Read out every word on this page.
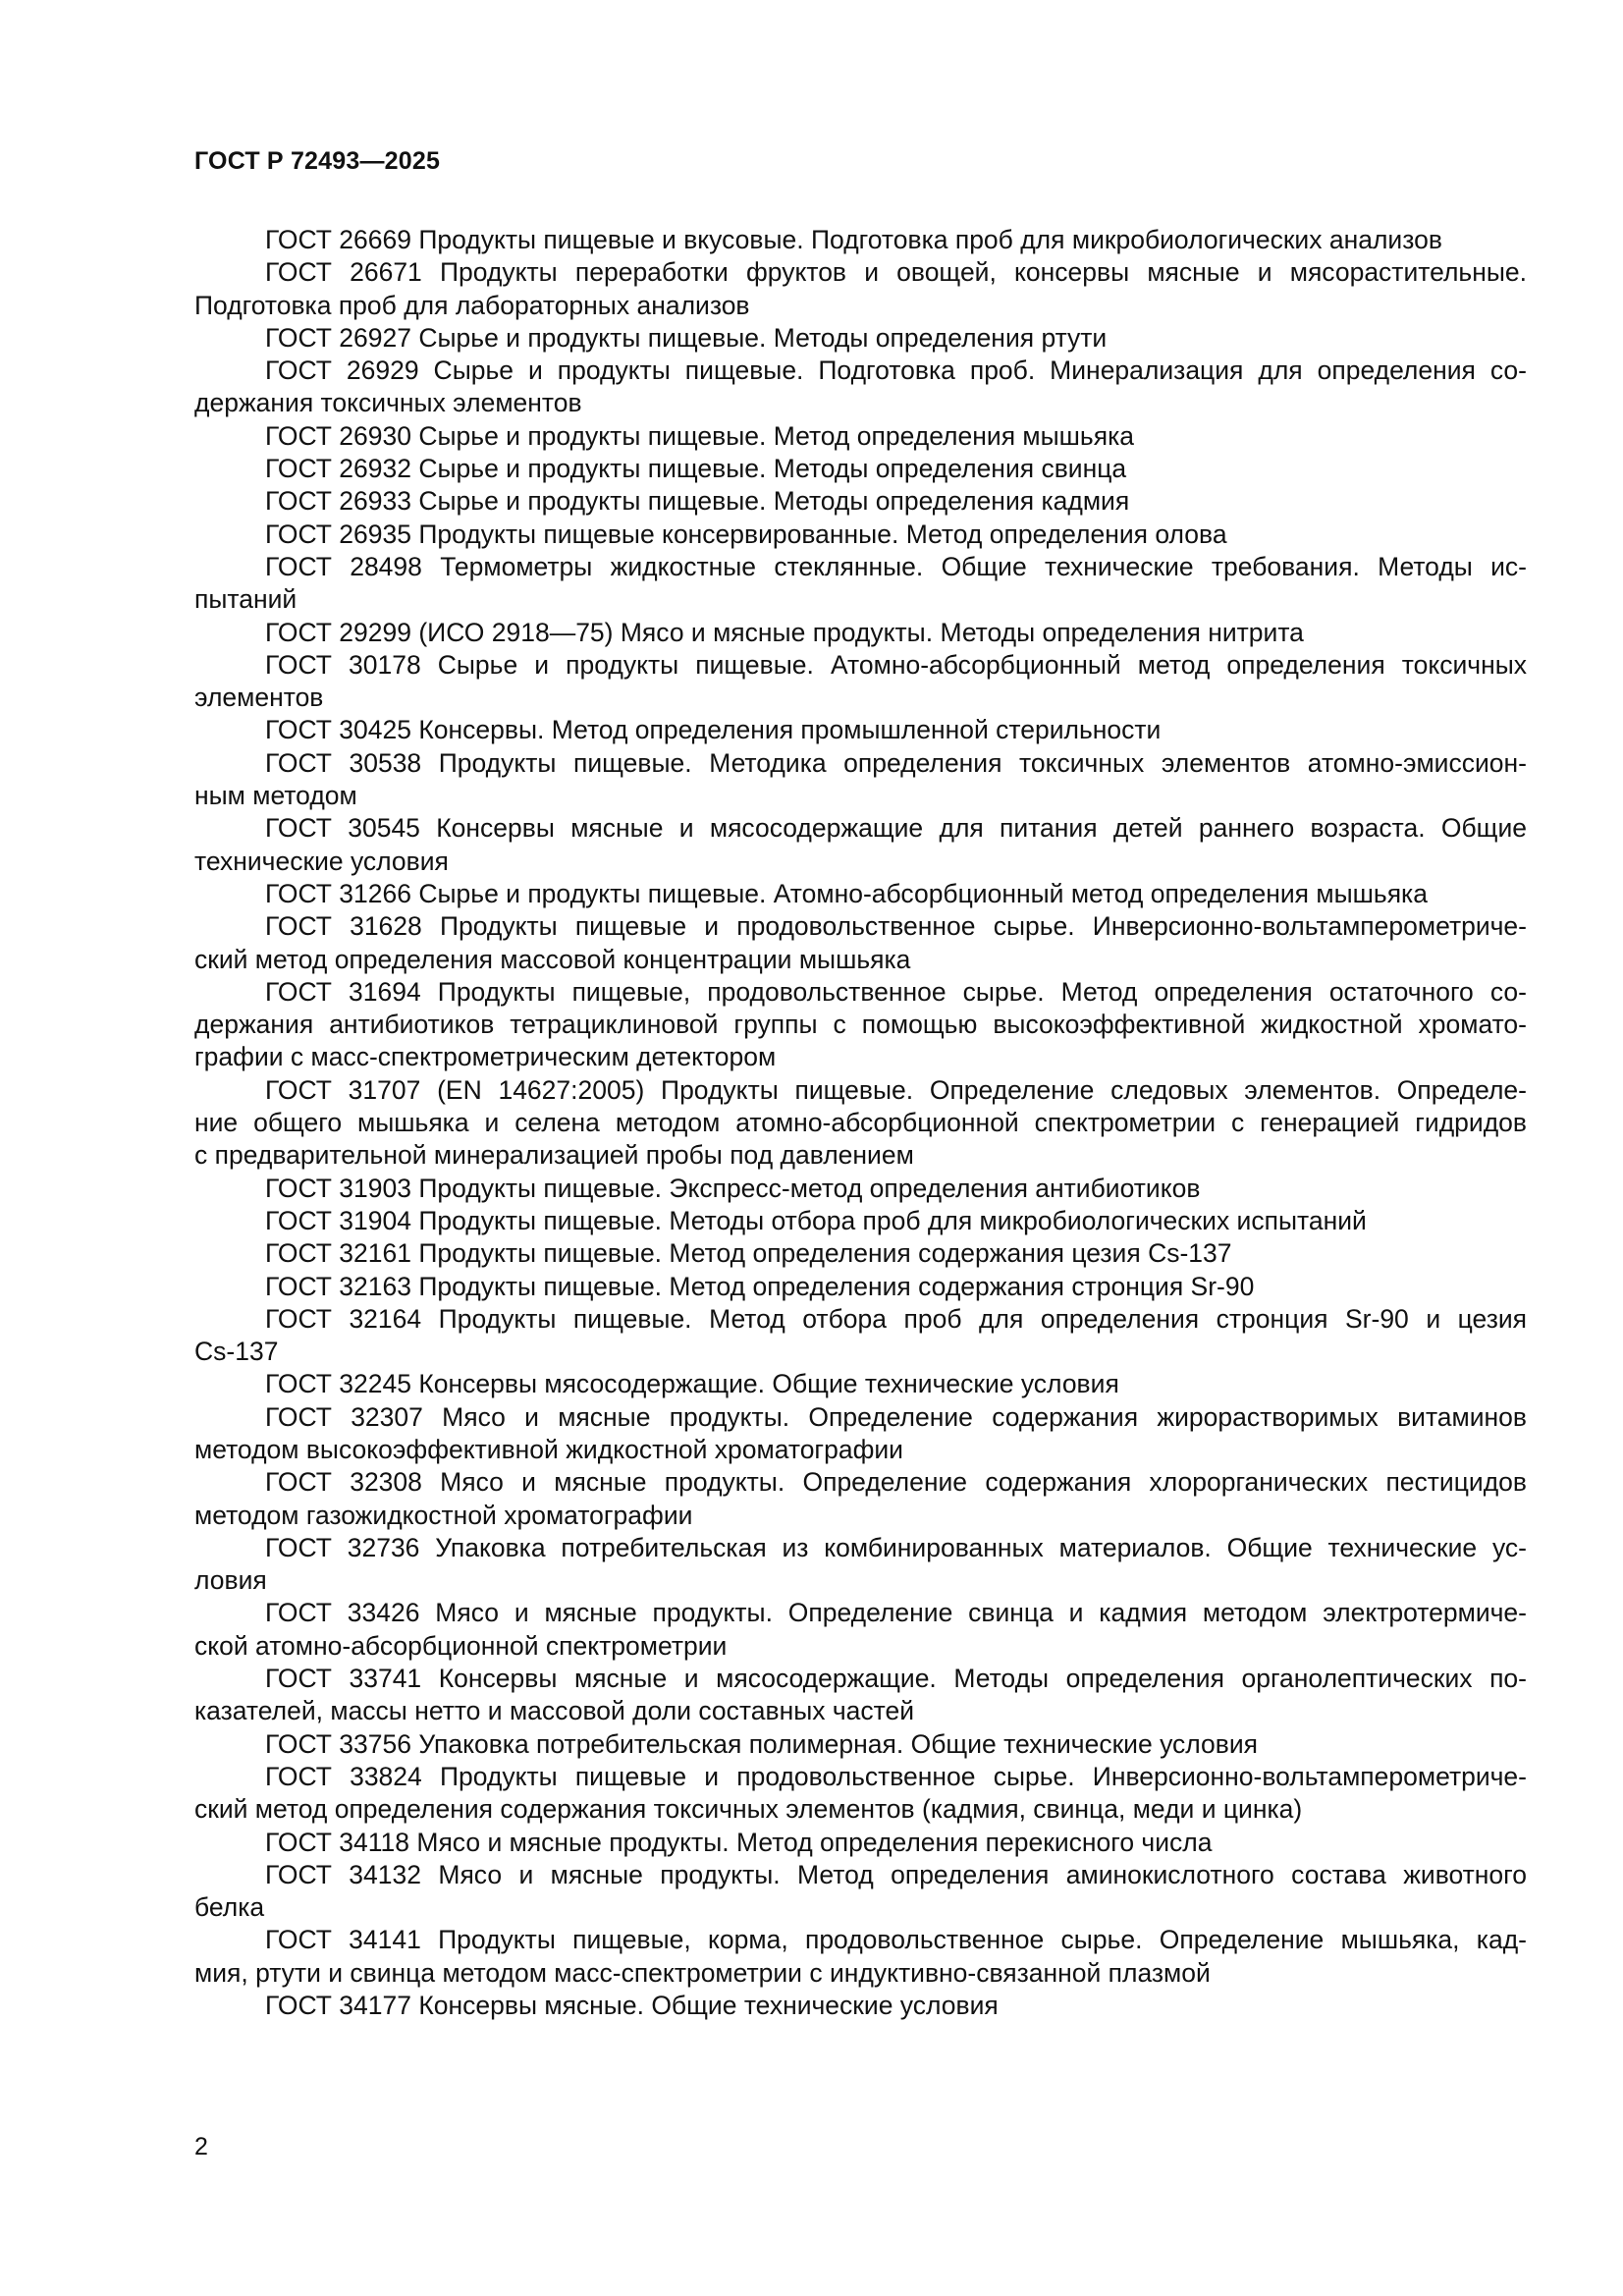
ГОСТ Р 72493—2025
ГОСТ 26669 Продукты пищевые и вкусовые. Подготовка проб для микробиологических анализов
ГОСТ 26671 Продукты переработки фруктов и овощей, консервы мясные и мясорастительные.
Подготовка проб для лабораторных анализов
ГОСТ 26927 Сырье и продукты пищевые. Методы определения ртути
ГОСТ 26929 Сырье и продукты пищевые. Подготовка проб. Минерализация для определения со-
держания токсичных элементов
ГОСТ 26930 Сырье и продукты пищевые. Метод определения мышьяка
ГОСТ 26932 Сырье и продукты пищевые. Методы определения свинца
ГОСТ 26933 Сырье и продукты пищевые. Методы определения кадмия
ГОСТ 26935 Продукты пищевые консервированные. Метод определения олова
ГОСТ 28498 Термометры жидкостные стеклянные. Общие технические требования. Методы ис-
пытаний
ГОСТ 29299 (ИСО 2918—75) Мясо и мясные продукты. Методы определения нитрита
ГОСТ 30178 Сырье и продукты пищевые. Атомно-абсорбционный метод определения токсичных
элементов
ГОСТ 30425 Консервы. Метод определения промышленной стерильности
ГОСТ 30538 Продукты пищевые. Методика определения токсичных элементов атомно-эмиссион-
ным методом
ГОСТ 30545 Консервы мясные и мясосодержащие для питания детей раннего возраста. Общие
технические условия
ГОСТ 31266 Сырье и продукты пищевые. Атомно-абсорбционный метод определения мышьяка
ГОСТ 31628 Продукты пищевые и продовольственное сырье. Инверсионно-вольтамперометриче-
ский метод определения массовой концентрации мышьяка
ГОСТ 31694 Продукты пищевые, продовольственное сырье. Метод определения остаточного со-
держания антибиотиков тетрациклиновой группы с помощью высокоэффективной жидкостной хромато-
графии с масс-спектрометрическим детектором
ГОСТ 31707 (EN 14627:2005) Продукты пищевые. Определение следовых элементов. Определе-
ние общего мышьяка и селена методом атомно-абсорбционной спектрометрии с генерацией гидридов
с предварительной минерализацией пробы под давлением
ГОСТ 31903 Продукты пищевые. Экспресс-метод определения антибиотиков
ГОСТ 31904 Продукты пищевые. Методы отбора проб для микробиологических испытаний
ГОСТ 32161 Продукты пищевые. Метод определения содержания цезия Cs-137
ГОСТ 32163 Продукты пищевые. Метод определения содержания стронция Sr-90
ГОСТ 32164 Продукты пищевые. Метод отбора проб для определения стронция Sr-90 и цезия
Cs-137
ГОСТ 32245 Консервы мясосодержащие. Общие технические условия
ГОСТ 32307 Мясо и мясные продукты. Определение содержания жирорастворимых витаминов
методом высокоэффективной жидкостной хроматографии
ГОСТ 32308 Мясо и мясные продукты. Определение содержания хлорорганических пестицидов
методом газожидкостной хроматографии
ГОСТ 32736 Упаковка потребительская из комбинированных материалов. Общие технические ус-
ловия
ГОСТ 33426 Мясо и мясные продукты. Определение свинца и кадмия методом электротермиче-
ской атомно-абсорбционной спектрометрии
ГОСТ 33741 Консервы мясные и мясосодержащие. Методы определения органолептических по-
казателей, массы нетто и массовой доли составных частей
ГОСТ 33756 Упаковка потребительская полимерная. Общие технические условия
ГОСТ 33824 Продукты пищевые и продовольственное сырье. Инверсионно-вольтамперометриче-
ский метод определения содержания токсичных элементов (кадмия, свинца, меди и цинка)
ГОСТ 34118 Мясо и мясные продукты. Метод определения перекисного числа
ГОСТ 34132 Мясо и мясные продукты. Метод определения аминокислотного состава животного
белка
ГОСТ 34141 Продукты пищевые, корма, продовольственное сырье. Определение мышьяка, кад-
мия, ртути и свинца методом масс-спектрометрии с индуктивно-связанной плазмой
ГОСТ 34177 Консервы мясные. Общие технические условия
2
